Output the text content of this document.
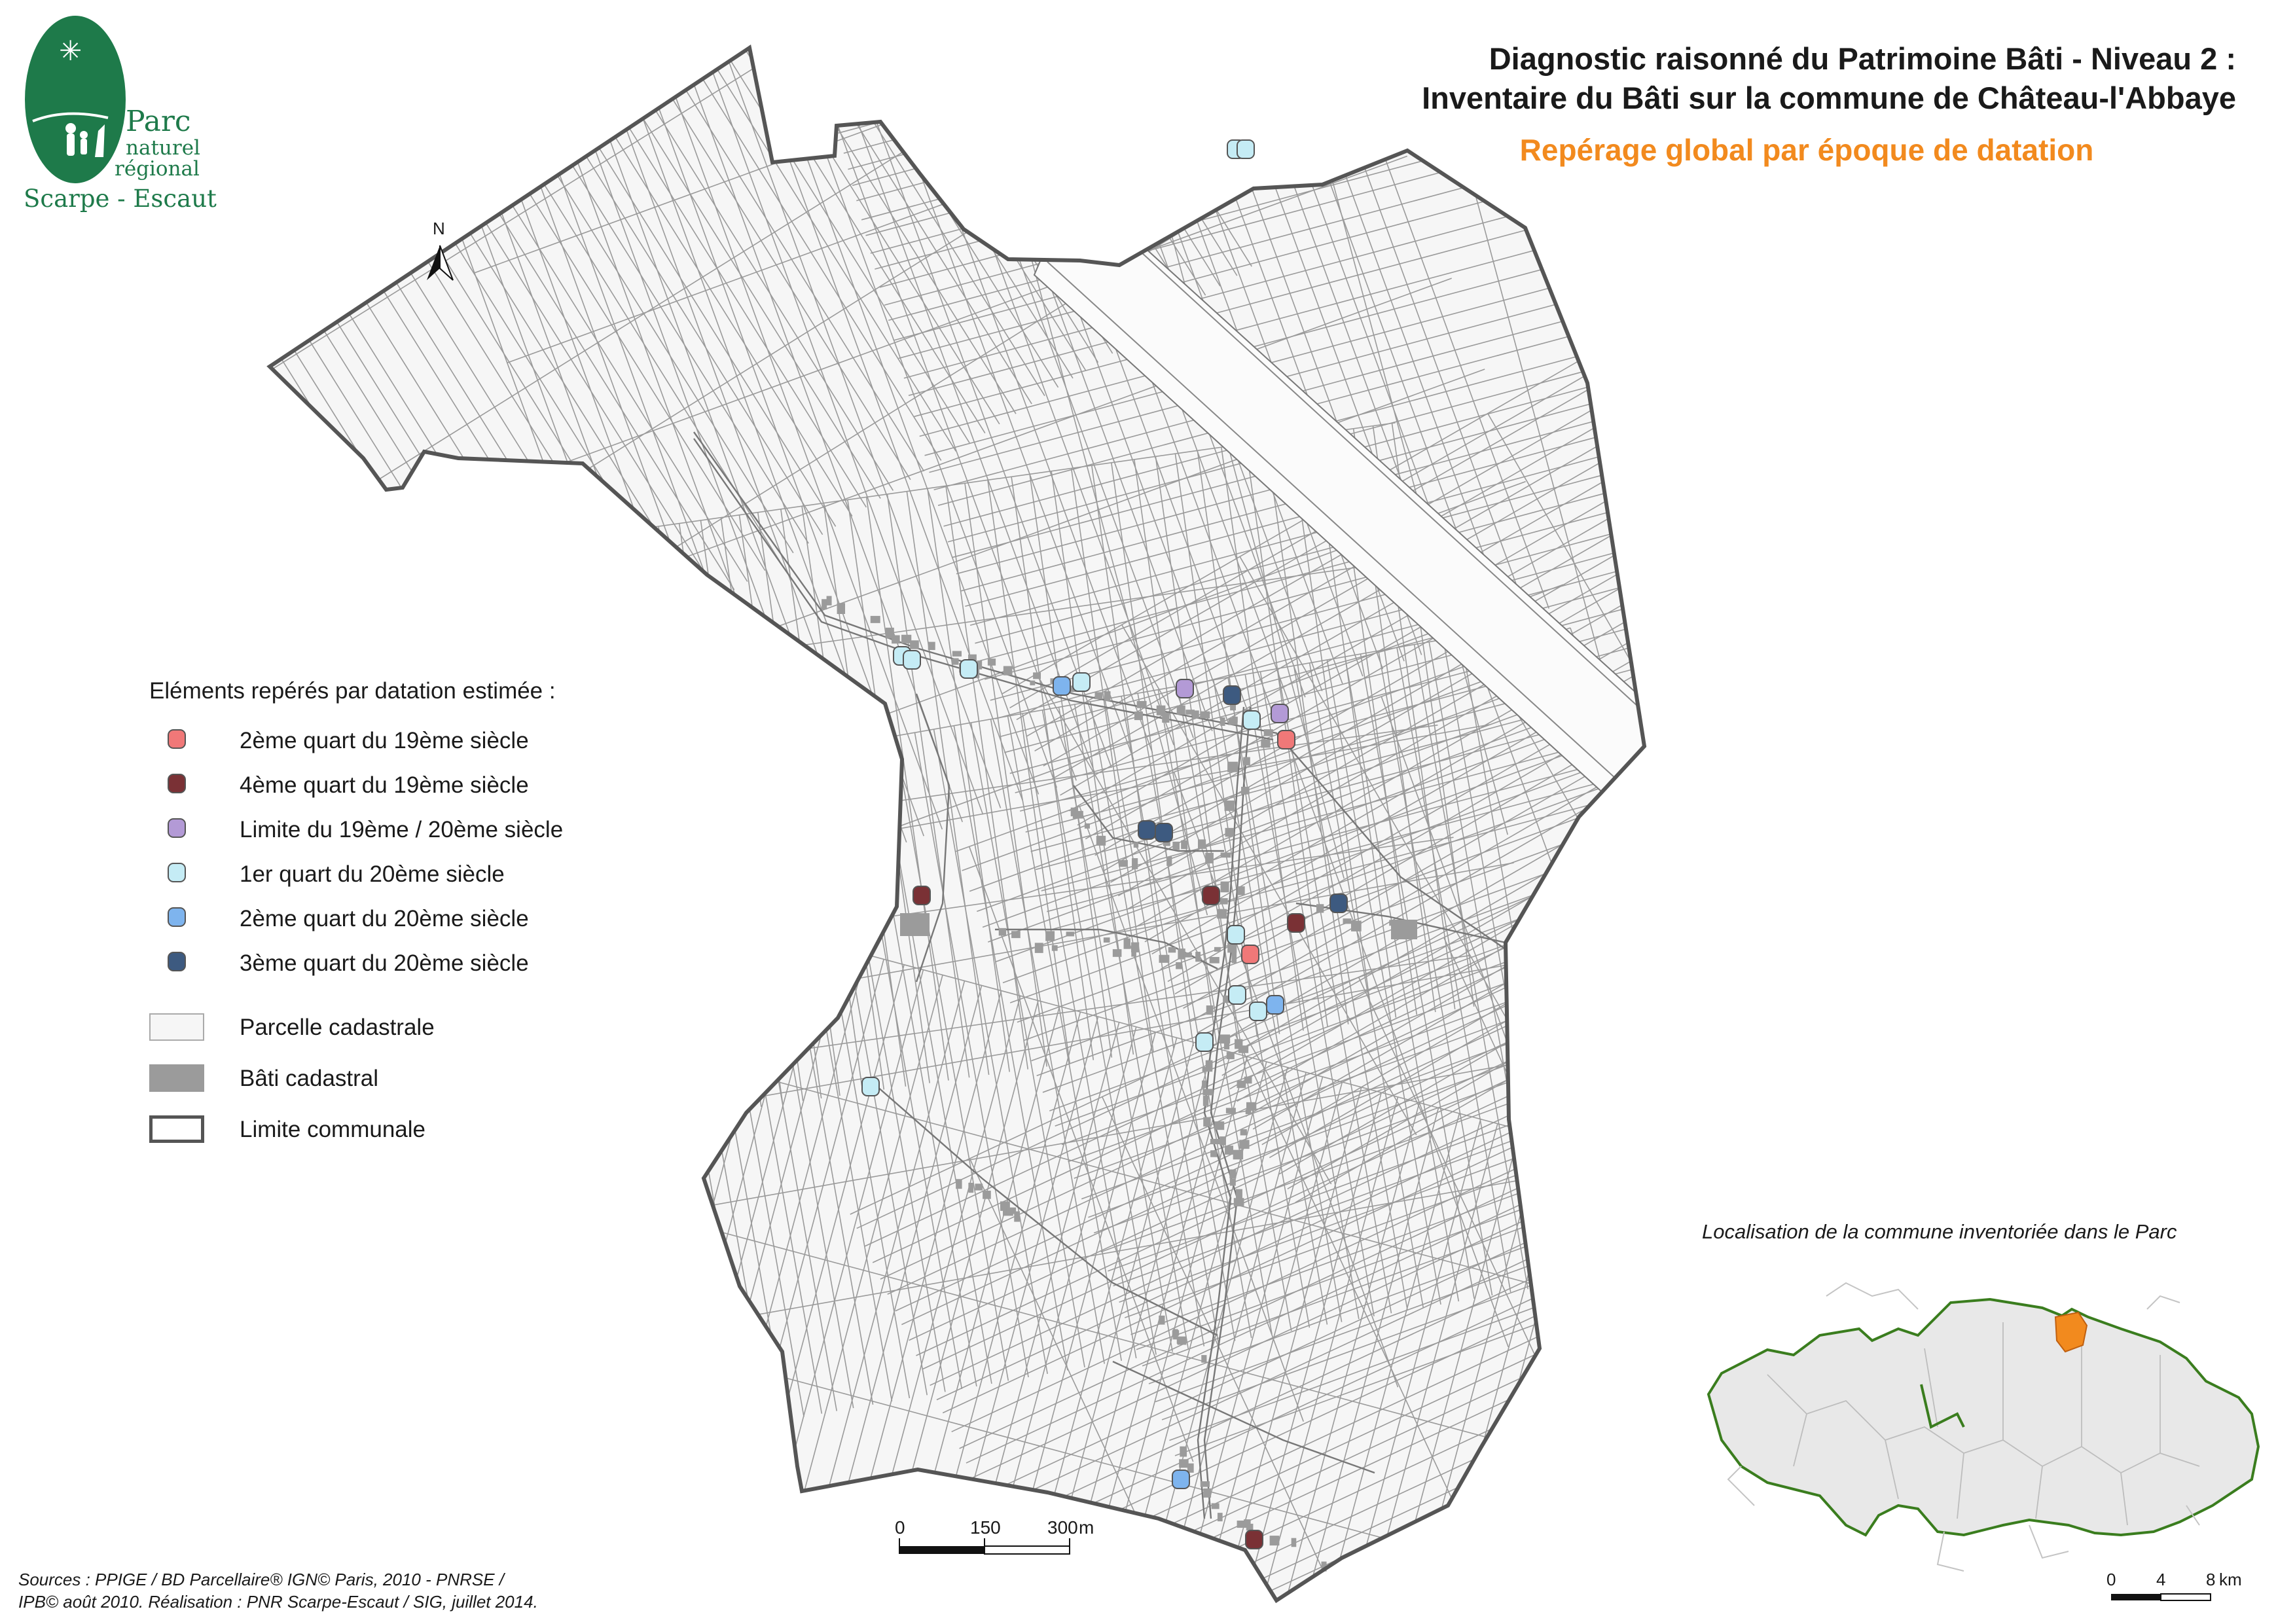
✳	Diagnostic raisonné du Patrimoine Bâti - Niveau 2 :
Inventaire du Bâti sur la commune de Château-l'Abbaye
Repérage global par époque de datation
Parc
naturel
régional
Scarpe - Escaut
N
Eléments repérés par datation estimée :
2ème quart du 19ème siècle
4ème quart du 19ème siècle
Limite du 19ème / 20ème siècle
1er quart du 20ème siècle
2ème quart du 20ème siècle
3ème quart du 20ème siècle
Parcelle cadastrale
Bâti cadastral
Limite communale
0	150	300 m
Localisation de la commune inventoriée dans le Parc
0 4 8 km
Sources : PPIGE / BD Parcellaire® IGN© Paris, 2010 - PNRSE /
IPB© août 2010. Réalisation : PNR Scarpe-Escaut / SIG, juillet 2014.
